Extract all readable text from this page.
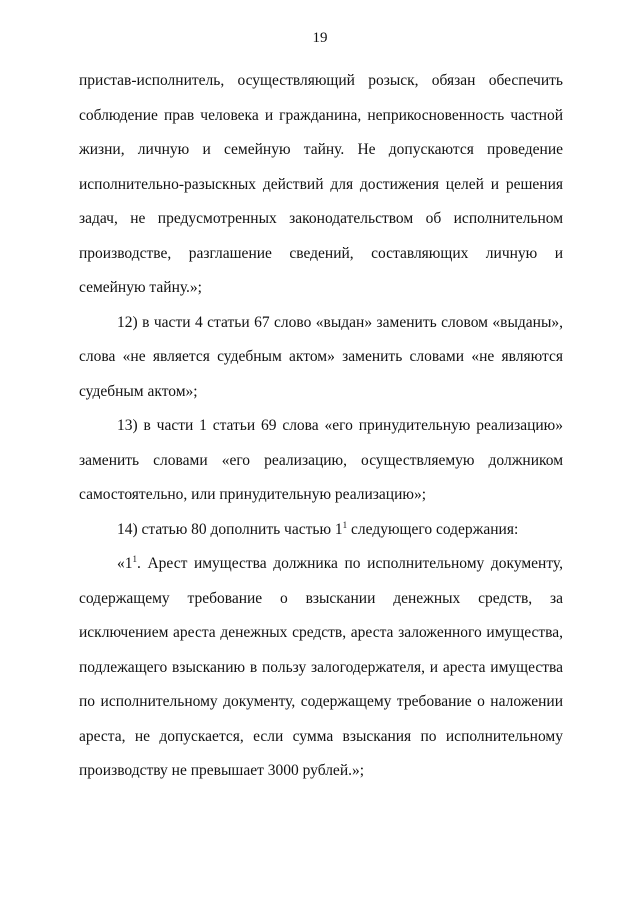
19

пристав-исполнитель, осуществляющий розыск, обязан обеспечить соблюдение прав человека и гражданина, неприкосновенность частной жизни, личную и семейную тайну. Не допускаются проведение исполнительно-разыскных действий для достижения целей и решения задач, не предусмотренных законодательством об исполнительном производстве, разглашение сведений, составляющих личную и семейную тайну.»;

12) в части 4 статьи 67 слово «выдан» заменить словом «выданы», слова «не является судебным актом» заменить словами «не являются судебным актом»;

13) в части 1 статьи 69 слова «его принудительную реализацию» заменить словами «его реализацию, осуществляемую должником самостоятельно, или принудительную реализацию»;

14) статью 80 дополнить частью $1^1$ следующего содержания:

«$1^1$. Арест имущества должника по исполнительному документу, содержащему требование о взыскании денежных средств, за исключением ареста денежных средств, ареста заложенного имущества, подлежащего взысканию в пользу залогодержателя, и ареста имущества по исполнительному документу, содержащему требование о наложении ареста, не допускается, если сумма взыскания по исполнительному производству не превышает 3000 рублей.»;
